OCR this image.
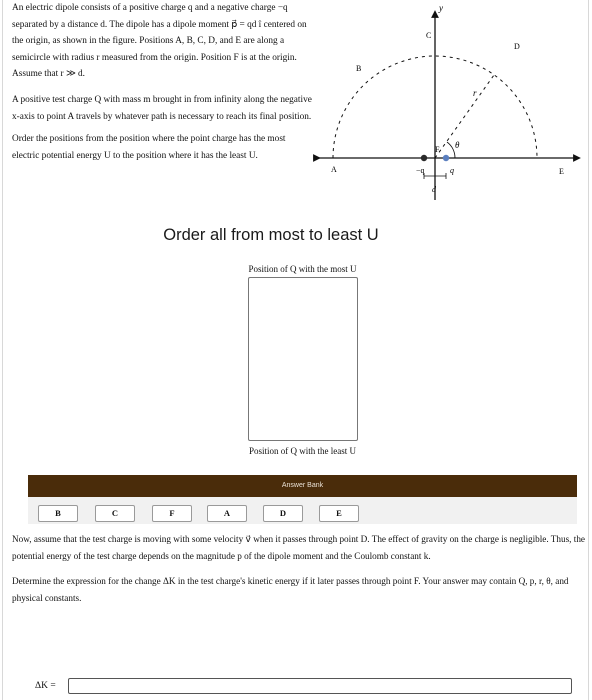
An electric dipole consists of a positive charge q and a negative charge −q separated by a distance d. The dipole has a dipole moment p⃗ = qd î centered on the origin, as shown in the figure. Positions A, B, C, D, and E are along a semicircle with radius r measured from the origin. Position F is at the origin. Assume that r ≫ d.

A positive test charge Q with mass m brought in from infinity along the negative x-axis to point A travels by whatever path is necessary to reach its final position.

Order the positions from the position where the point charge has the most electric potential energy U to the position where it has the least U.

y
A
B
C
D
E
F
r
θ
−q	q
d
Order all from most to least U
Position of Q with the most U
Position of Q with the least U
Answer Bank
B	C	F	A	D	E

Now, assume that the test charge is moving with some velocity v⃗ when it passes through point D. The effect of gravity on the charge is negligible. Thus, the potential energy of the test charge depends on the magnitude p of the dipole moment and the Coulomb constant k.

Determine the expression for the change ΔK in the test charge's kinetic energy if it later passes through point F. Your answer may contain Q, p, r, θ, and physical constants.

ΔK =
